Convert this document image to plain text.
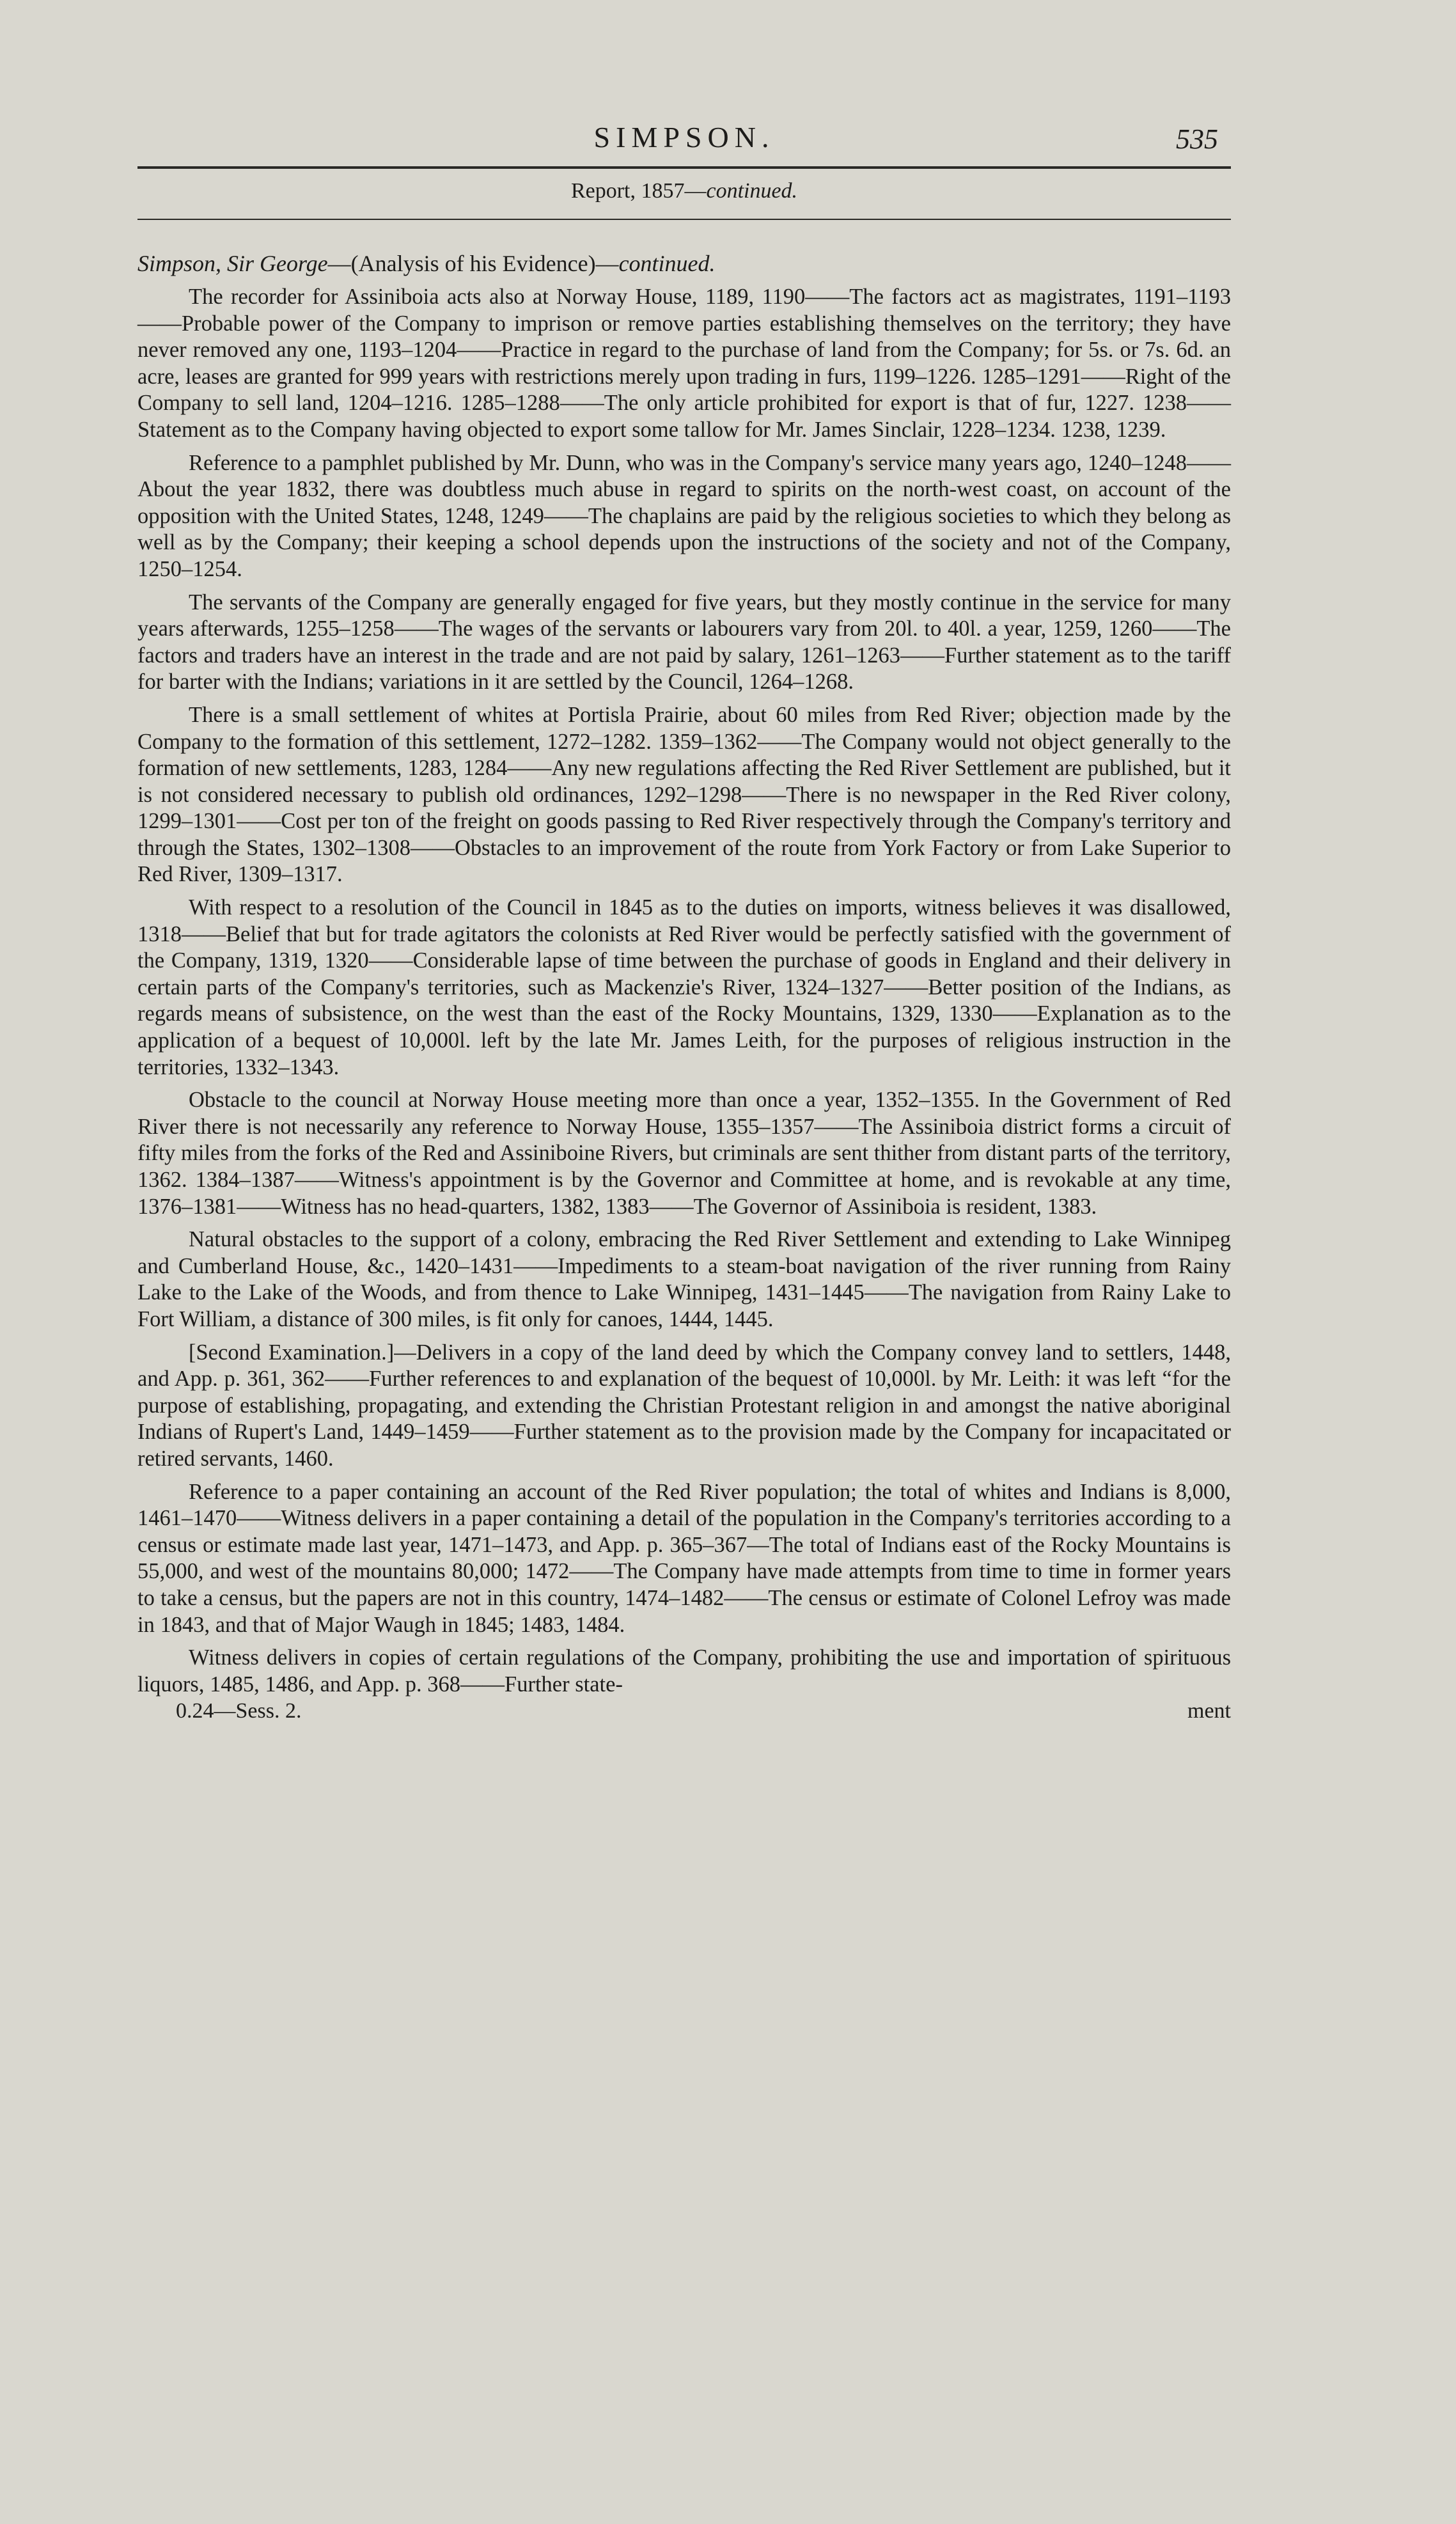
SIMPSON.	535
Report, 1857—continued.
Simpson, Sir George—(Analysis of his Evidence)—continued.

The recorder for Assiniboia acts also at Norway House, 1189, 1190——The factors act as magistrates, 1191–1193——Probable power of the Company to imprison or remove parties establishing themselves on the territory; they have never removed any one, 1193–1204——Practice in regard to the purchase of land from the Company; for 5s. or 7s. 6d. an acre, leases are granted for 999 years with restrictions merely upon trading in furs, 1199–1226. 1285–1291——Right of the Company to sell land, 1204–1216. 1285–1288——The only article prohibited for export is that of fur, 1227. 1238——Statement as to the Company having objected to export some tallow for Mr. James Sinclair, 1228–1234. 1238, 1239.

Reference to a pamphlet published by Mr. Dunn, who was in the Company's service many years ago, 1240–1248——About the year 1832, there was doubtless much abuse in regard to spirits on the north-west coast, on account of the opposition with the United States, 1248, 1249——The chaplains are paid by the religious societies to which they belong as well as by the Company; their keeping a school depends upon the instructions of the society and not of the Company, 1250–1254.

The servants of the Company are generally engaged for five years, but they mostly continue in the service for many years afterwards, 1255–1258——The wages of the servants or labourers vary from 20l. to 40l. a year, 1259, 1260——The factors and traders have an interest in the trade and are not paid by salary, 1261–1263——Further statement as to the tariff for barter with the Indians; variations in it are settled by the Council, 1264–1268.

There is a small settlement of whites at Portisla Prairie, about 60 miles from Red River; objection made by the Company to the formation of this settlement, 1272–1282. 1359–1362——The Company would not object generally to the formation of new settlements, 1283, 1284——Any new regulations affecting the Red River Settlement are published, but it is not considered necessary to publish old ordinances, 1292–1298——There is no newspaper in the Red River colony, 1299–1301——Cost per ton of the freight on goods passing to Red River respectively through the Company's territory and through the States, 1302–1308——Obstacles to an improvement of the route from York Factory or from Lake Superior to Red River, 1309–1317.

With respect to a resolution of the Council in 1845 as to the duties on imports, witness believes it was disallowed, 1318——Belief that but for trade agitators the colonists at Red River would be perfectly satisfied with the government of the Company, 1319, 1320——Considerable lapse of time between the purchase of goods in England and their delivery in certain parts of the Company's territories, such as Mackenzie's River, 1324–1327——Better position of the Indians, as regards means of subsistence, on the west than the east of the Rocky Mountains, 1329, 1330——Explanation as to the application of a bequest of 10,000l. left by the late Mr. James Leith, for the purposes of religious instruction in the territories, 1332–1343.

Obstacle to the council at Norway House meeting more than once a year, 1352–1355. In the Government of Red River there is not necessarily any reference to Norway House, 1355–1357——The Assiniboia district forms a circuit of fifty miles from the forks of the Red and Assiniboine Rivers, but criminals are sent thither from distant parts of the territory, 1362. 1384–1387——Witness's appointment is by the Governor and Committee at home, and is revokable at any time, 1376–1381——Witness has no head-quarters, 1382, 1383——The Governor of Assiniboia is resident, 1383.

Natural obstacles to the support of a colony, embracing the Red River Settlement and extending to Lake Winnipeg and Cumberland House, &c., 1420–1431——Impediments to a steam-boat navigation of the river running from Rainy Lake to the Lake of the Woods, and from thence to Lake Winnipeg, 1431–1445——The navigation from Rainy Lake to Fort William, a distance of 300 miles, is fit only for canoes, 1444, 1445.

[Second Examination.]—Delivers in a copy of the land deed by which the Company convey land to settlers, 1448, and App. p. 361, 362——Further references to and explanation of the bequest of 10,000l. by Mr. Leith: it was left “for the purpose of establishing, propagating, and extending the Christian Protestant religion in and amongst the native aboriginal Indians of Rupert's Land, 1449–1459——Further statement as to the provision made by the Company for incapacitated or retired servants, 1460.

Reference to a paper containing an account of the Red River population; the total of whites and Indians is 8,000, 1461–1470——Witness delivers in a paper containing a detail of the population in the Company's territories according to a census or estimate made last year, 1471–1473, and App. p. 365–367—The total of Indians east of the Rocky Mountains is 55,000, and west of the mountains 80,000; 1472——The Company have made attempts from time to time in former years to take a census, but the papers are not in this country, 1474–1482——The census or estimate of Colonel Lefroy was made in 1843, and that of Major Waugh in 1845; 1483, 1484.

Witness delivers in copies of certain regulations of the Company, prohibiting the use and importation of spirituous liquors, 1485, 1486, and App. p. 368——Further state-

0.24—Sess. 2.	ment
